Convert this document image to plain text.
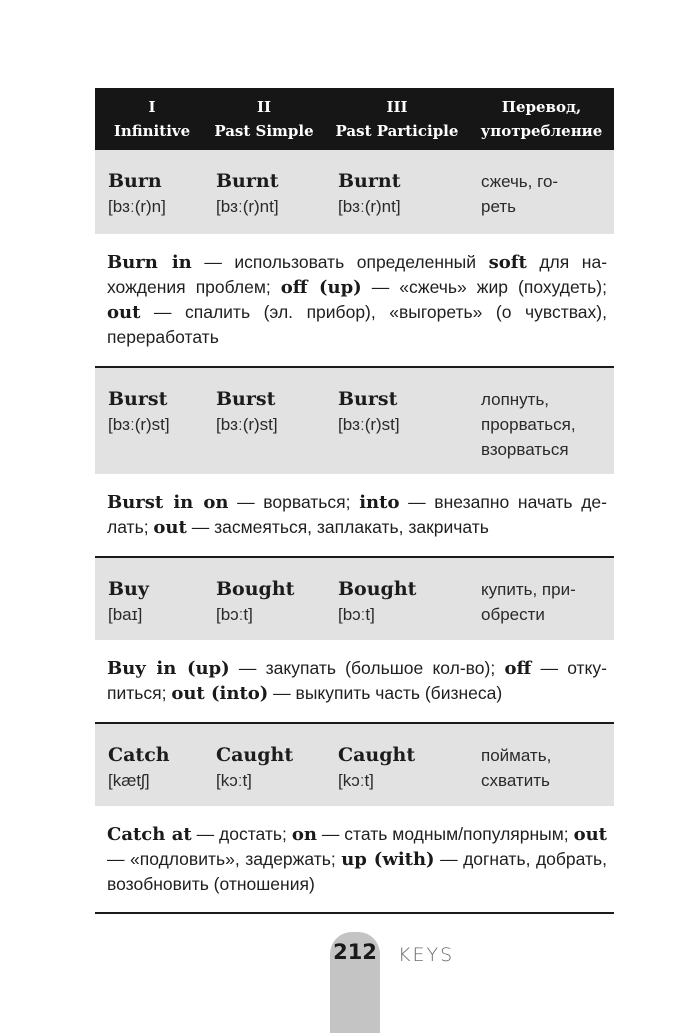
I
Infinitive
II
Past Simple
III
Past Participle
Перевод,
употребление
Burn
[bɜː(r)n]
Burnt
[bɜː(r)nt]
Burnt
[bɜː(r)nt]
сжечь, го-
реть
Burn in — использовать определенный soft для нахождения проблем; off (up) — «сжечь» жир (похудеть); out — спалить (эл. прибор), «выгореть» (о чувствах), переработать
Burst
[bɜː(r)st]
Burst
[bɜː(r)st]
Burst
[bɜː(r)st]
лопнуть,
прорваться,
взорваться
Burst in on — ворваться; into — внезапно начать делать; out — засмеяться, заплакать, закричать
Buy
[baɪ]
Bought
[bɔːt]
Bought
[bɔːt]
купить, при-
обрести
Buy in (up) — закупать (большое кол-во); off — откупиться; out (into) — выкупить часть (бизнеса)
Catch
[kætʃ]
Caught
[kɔːt]
Caught
[kɔːt]
поймать,
схватить
Catch at — достать; on — стать модным/популярным; out — «подловить», задержать; up (with) — догнать, добрать, возобновить (отношения)
212 KEYS
